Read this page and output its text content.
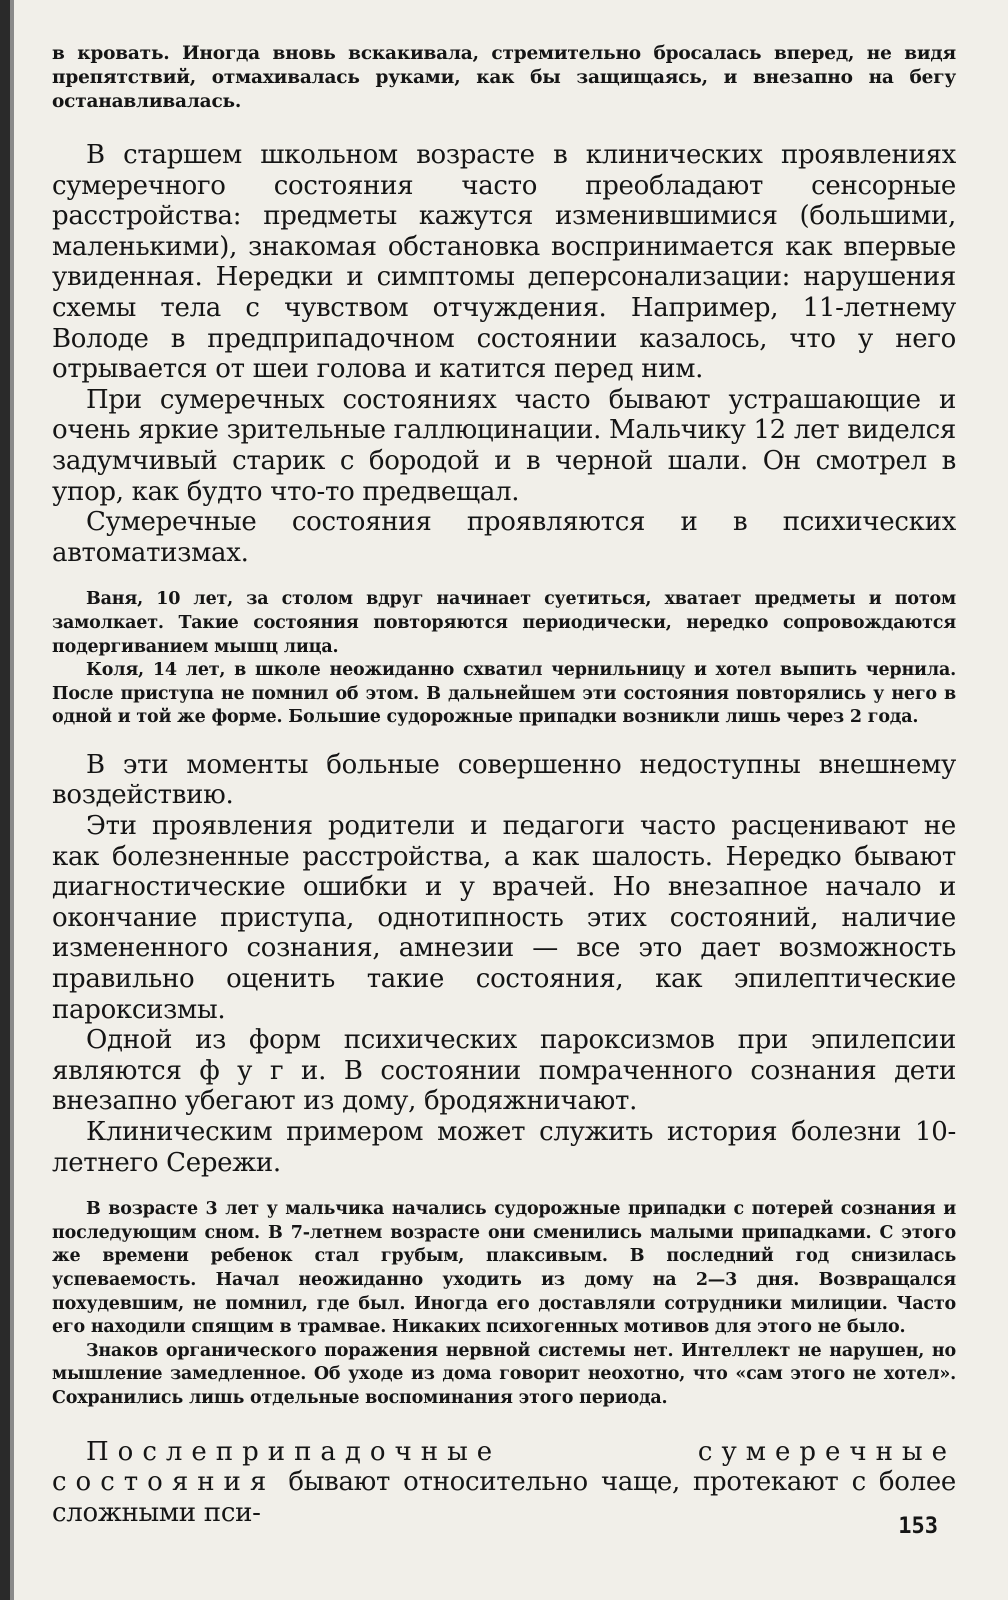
в кровать. Иногда вновь вскакивала, стремительно бросалась вперед, не видя препятствий, отмахивалась руками, как бы защищаясь, и внезапно на бегу останавливалась.

В старшем школьном возрасте в клинических проявлениях сумеречного состояния часто преобладают сенсорные расстройства: предметы кажутся изменившимися (большими, маленькими), знакомая обстановка воспринимается как впервые увиденная. Нередки и симптомы деперсонализации: нарушения схемы тела с чувством отчуждения. Например, 11-летнему Володе в предприпадочном состоянии казалось, что у него отрывается от шеи голова и катится перед ним.

При сумеречных состояниях часто бывают устрашающие и очень яркие зрительные галлюцинации. Мальчику 12 лет виделся задумчивый старик с бородой и в черной шали. Он смотрел в упор, как будто что-то предвещал.

Сумеречные состояния проявляются и в психических автоматизмах.

Ваня, 10 лет, за столом вдруг начинает суетиться, хватает предметы и потом замолкает. Такие состояния повторяются периодически, нередко сопровождаются подергиванием мышц лица.

Коля, 14 лет, в школе неожиданно схватил чернильницу и хотел выпить чернила. После приступа не помнил об этом. В дальнейшем эти состояния повторялись у него в одной и той же форме. Большие судорожные припадки возникли лишь через 2 года.

В эти моменты больные совершенно недоступны внешнему воздействию.

Эти проявления родители и педагоги часто расценивают не как болезненные расстройства, а как шалость. Нередко бывают диагностические ошибки и у врачей. Но внезапное начало и окончание приступа, однотипность этих состояний, наличие измененного сознания, амнезии — все это дает возможность правильно оценить такие состояния, как эпилептические пароксизмы.

Одной из форм психических пароксизмов при эпилепсии являются ф у г и. В состоянии помраченного сознания дети внезапно убегают из дому, бродяжничают.

Клиническим примером может служить история болезни 10-летнего Сережи.

В возрасте 3 лет у мальчика начались судорожные припадки с потерей сознания и последующим сном. В 7-летнем возрасте они сменились малыми припадками. С этого же времени ребенок стал грубым, плаксивым. В последний год снизилась успеваемость. Начал неожиданно уходить из дому на 2—3 дня. Возвращался похудевшим, не помнил, где был. Иногда его доставляли сотрудники милиции. Часто его находили спящим в трамвае. Никаких психогенных мотивов для этого не было.

Знаков органического поражения нервной системы нет. Интеллект не нарушен, но мышление замедленное. Об уходе из дома говорит неохотно, что «сам этого не хотел». Сохранились лишь отдельные воспоминания этого периода.

Послеприпадочные сумеречные состояния бывают относительно чаще, протекают с более сложными пси-	153
